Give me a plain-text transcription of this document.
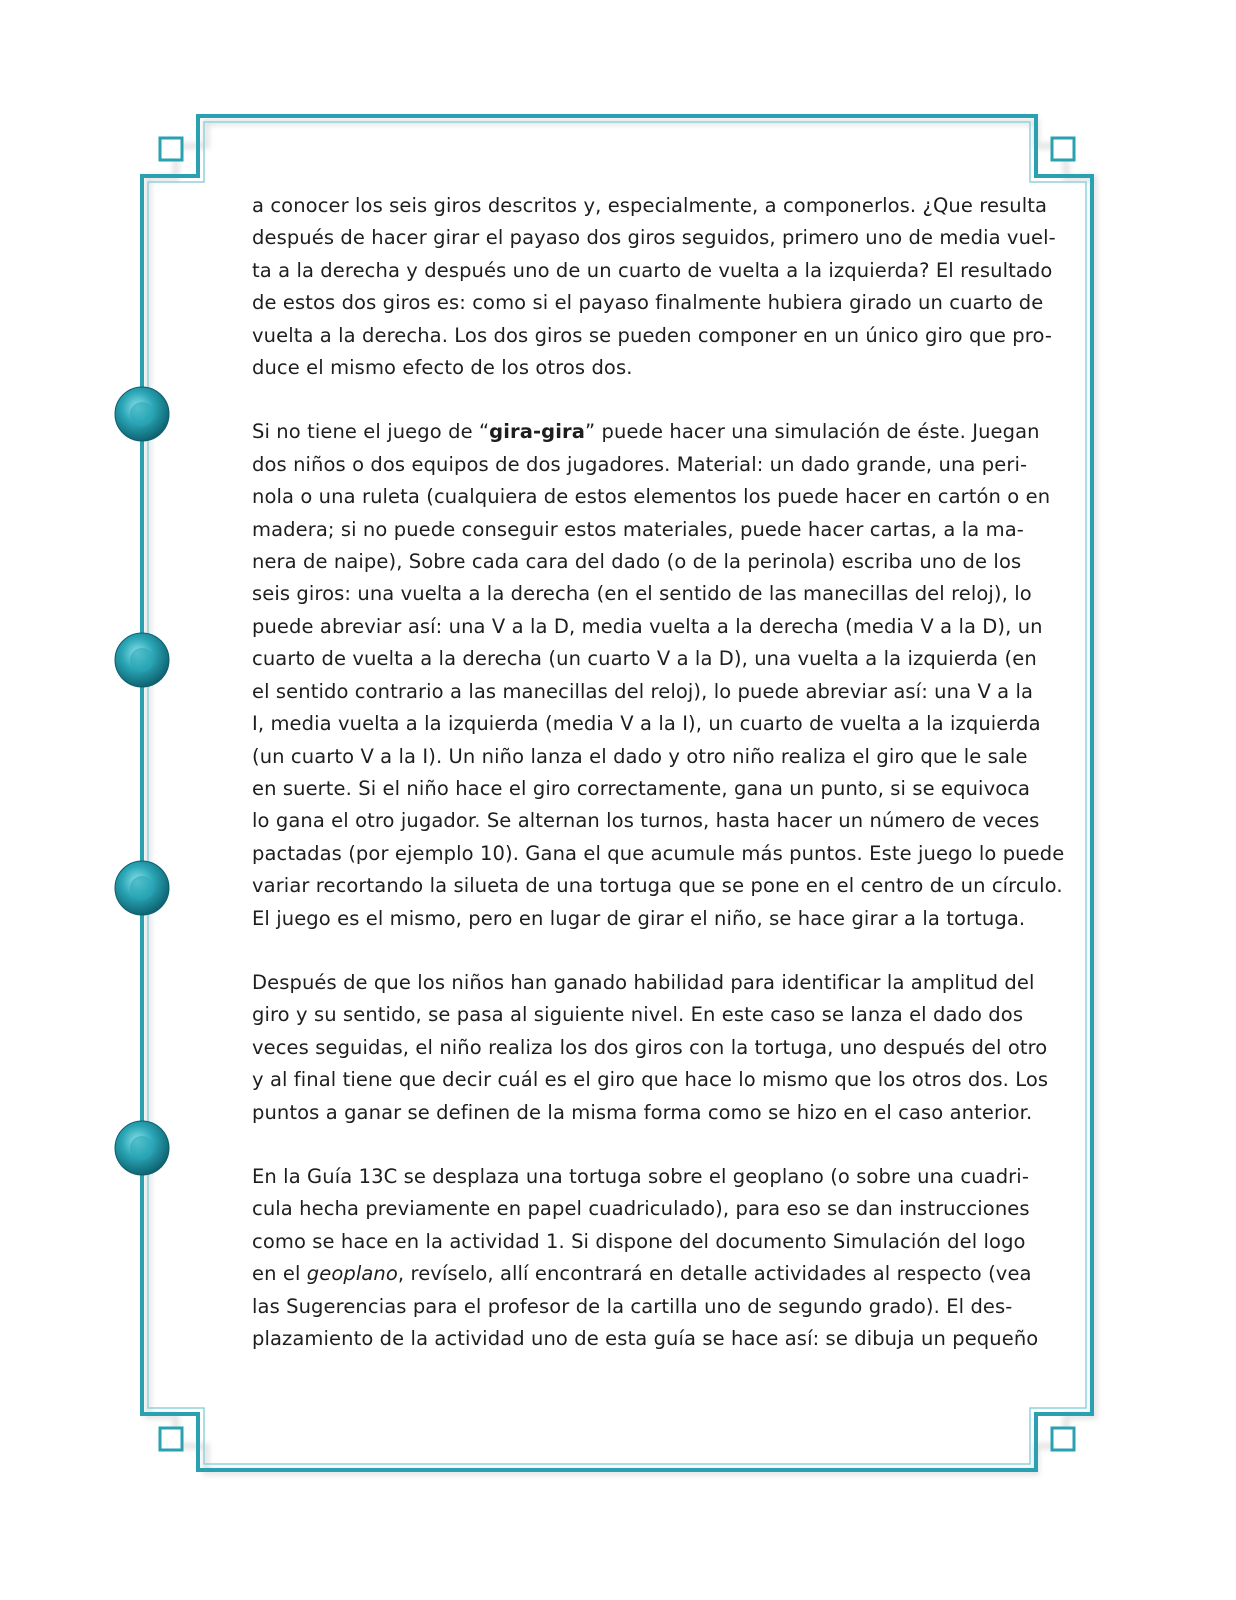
a conocer los seis giros descritos y, especialmente, a componerlos. ¿Que resulta
después de hacer girar el payaso dos giros seguidos, primero uno de media vuel-
ta a la derecha y después uno de un cuarto de vuelta a la izquierda? El resultado
de estos dos giros es: como si el payaso finalmente hubiera girado un cuarto de
vuelta a la derecha. Los dos giros se pueden componer en un único giro que pro-
duce el mismo efecto de los otros dos.

Si no tiene el juego de “gira-gira” puede hacer una simulación de éste. Juegan
dos niños o dos equipos de dos jugadores. Material: un dado grande, una peri-
nola o una ruleta (cualquiera de estos elementos los puede hacer en cartón o en
madera; si no puede conseguir estos materiales, puede hacer cartas, a la ma-
nera de naipe), Sobre cada cara del dado (o de la perinola) escriba uno de los
seis giros: una vuelta a la derecha (en el sentido de las manecillas del reloj), lo
puede abreviar así: una V a la D, media vuelta a la derecha (media V a la D), un
cuarto de vuelta a la derecha (un cuarto V a la D), una vuelta a la izquierda (en
el sentido contrario a las manecillas del reloj), lo puede abreviar así: una V a la
I, media vuelta a la izquierda (media V a la I), un cuarto de vuelta a la izquierda
(un cuarto V a la I). Un niño lanza el dado y otro niño realiza el giro que le sale
en suerte. Si el niño hace el giro correctamente, gana un punto, si se equivoca
lo gana el otro jugador. Se alternan los turnos, hasta hacer un número de veces
pactadas (por ejemplo 10). Gana el que acumule más puntos. Este juego lo puede
variar recortando la silueta de una tortuga que se pone en el centro de un círculo.
El juego es el mismo, pero en lugar de girar el niño, se hace girar a la tortuga.

Después de que los niños han ganado habilidad para identificar la amplitud del
giro y su sentido, se pasa al siguiente nivel. En este caso se lanza el dado dos
veces seguidas, el niño realiza los dos giros con la tortuga, uno después del otro
y al final tiene que decir cuál es el giro que hace lo mismo que los otros dos. Los
puntos a ganar se definen de la misma forma como se hizo en el caso anterior.

En la Guía 13C se desplaza una tortuga sobre el geoplano (o sobre una cuadri-
cula hecha previamente en papel cuadriculado), para eso se dan instrucciones
como se hace en la actividad 1. Si dispone del documento Simulación del logo
en el geoplano, revíselo, allí encontrará en detalle actividades al respecto (vea
las Sugerencias para el profesor de la cartilla uno de segundo grado). El des-
plazamiento de la actividad uno de esta guía se hace así: se dibuja un pequeño
